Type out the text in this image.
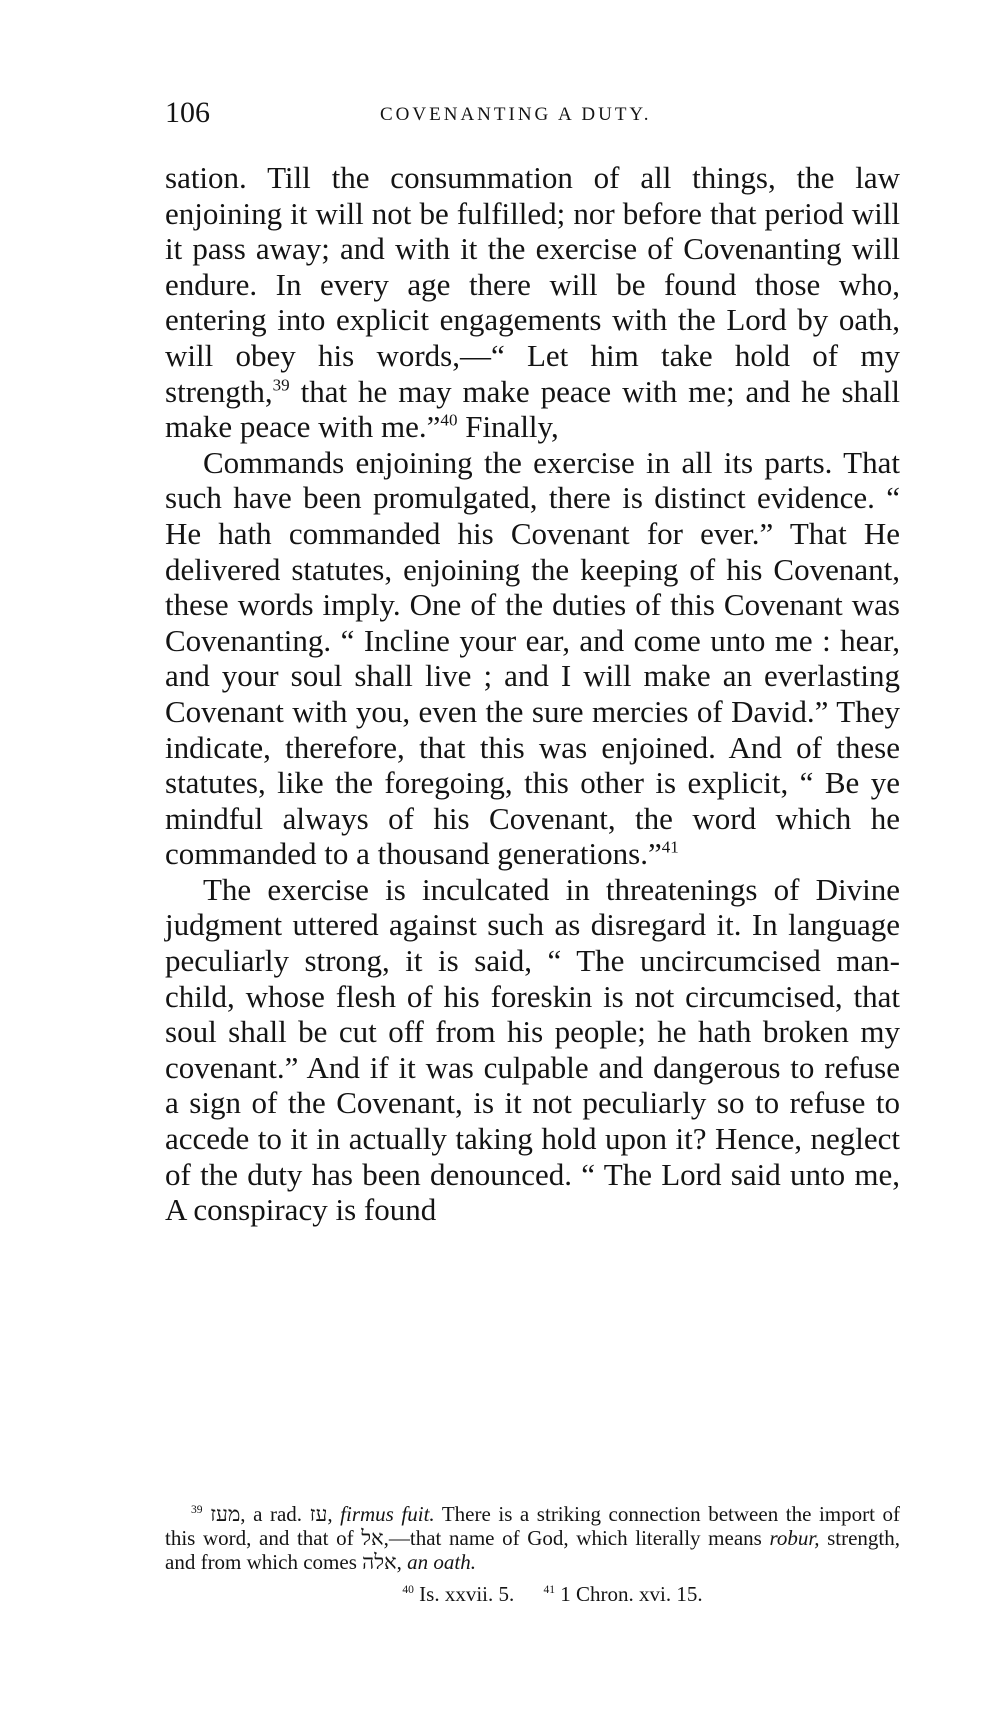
106	COVENANTING A DUTY.

sation. Till the consummation of all things, the law enjoining it will not be fulfilled; nor before that period will it pass away; and with it the exercise of Covenanting will endure. In every age there will be found those who, entering into explicit engagements with the Lord by oath, will obey his words,—“ Let him take hold of my strength,$^{39}$ that he may make peace with me; and he shall make peace with me.”$^{40}$ Finally,

Commands enjoining the exercise in all its parts. That such have been promulgated, there is distinct evidence. “ He hath commanded his Covenant for ever.” That He delivered statutes, enjoining the keeping of his Covenant, these words imply. One of the duties of this Covenant was Covenanting. “ Incline your ear, and come unto me : hear, and your soul shall live ; and I will make an everlasting Covenant with you, even the sure mercies of David.” They indicate, therefore, that this was enjoined. And of these statutes, like the foregoing, this other is explicit, “ Be ye mindful always of his Covenant, the word which he commanded to a thousand generations.”$^{41}$

The exercise is inculcated in threatenings of Divine judgment uttered against such as disregard it. In language peculiarly strong, it is said, “ The uncircumcised man-child, whose flesh of his foreskin is not circumcised, that soul shall be cut off from his people; he hath broken my covenant.” And if it was culpable and dangerous to refuse a sign of the Covenant, is it not peculiarly so to refuse to accede to it in actually taking hold upon it? Hence, neglect of the duty has been denounced. “ The Lord said unto me, A conspiracy is found

$^{39}$ מעז, a rad. עז, firmus fuit. There is a striking connection between the import of this word, and that of אל,—that name of God, which literally means robur, strength, and from which comes אלה, an oath.

$^{40}$ Is. xxvii. 5.	$^{41}$ 1 Chron. xvi. 15.
